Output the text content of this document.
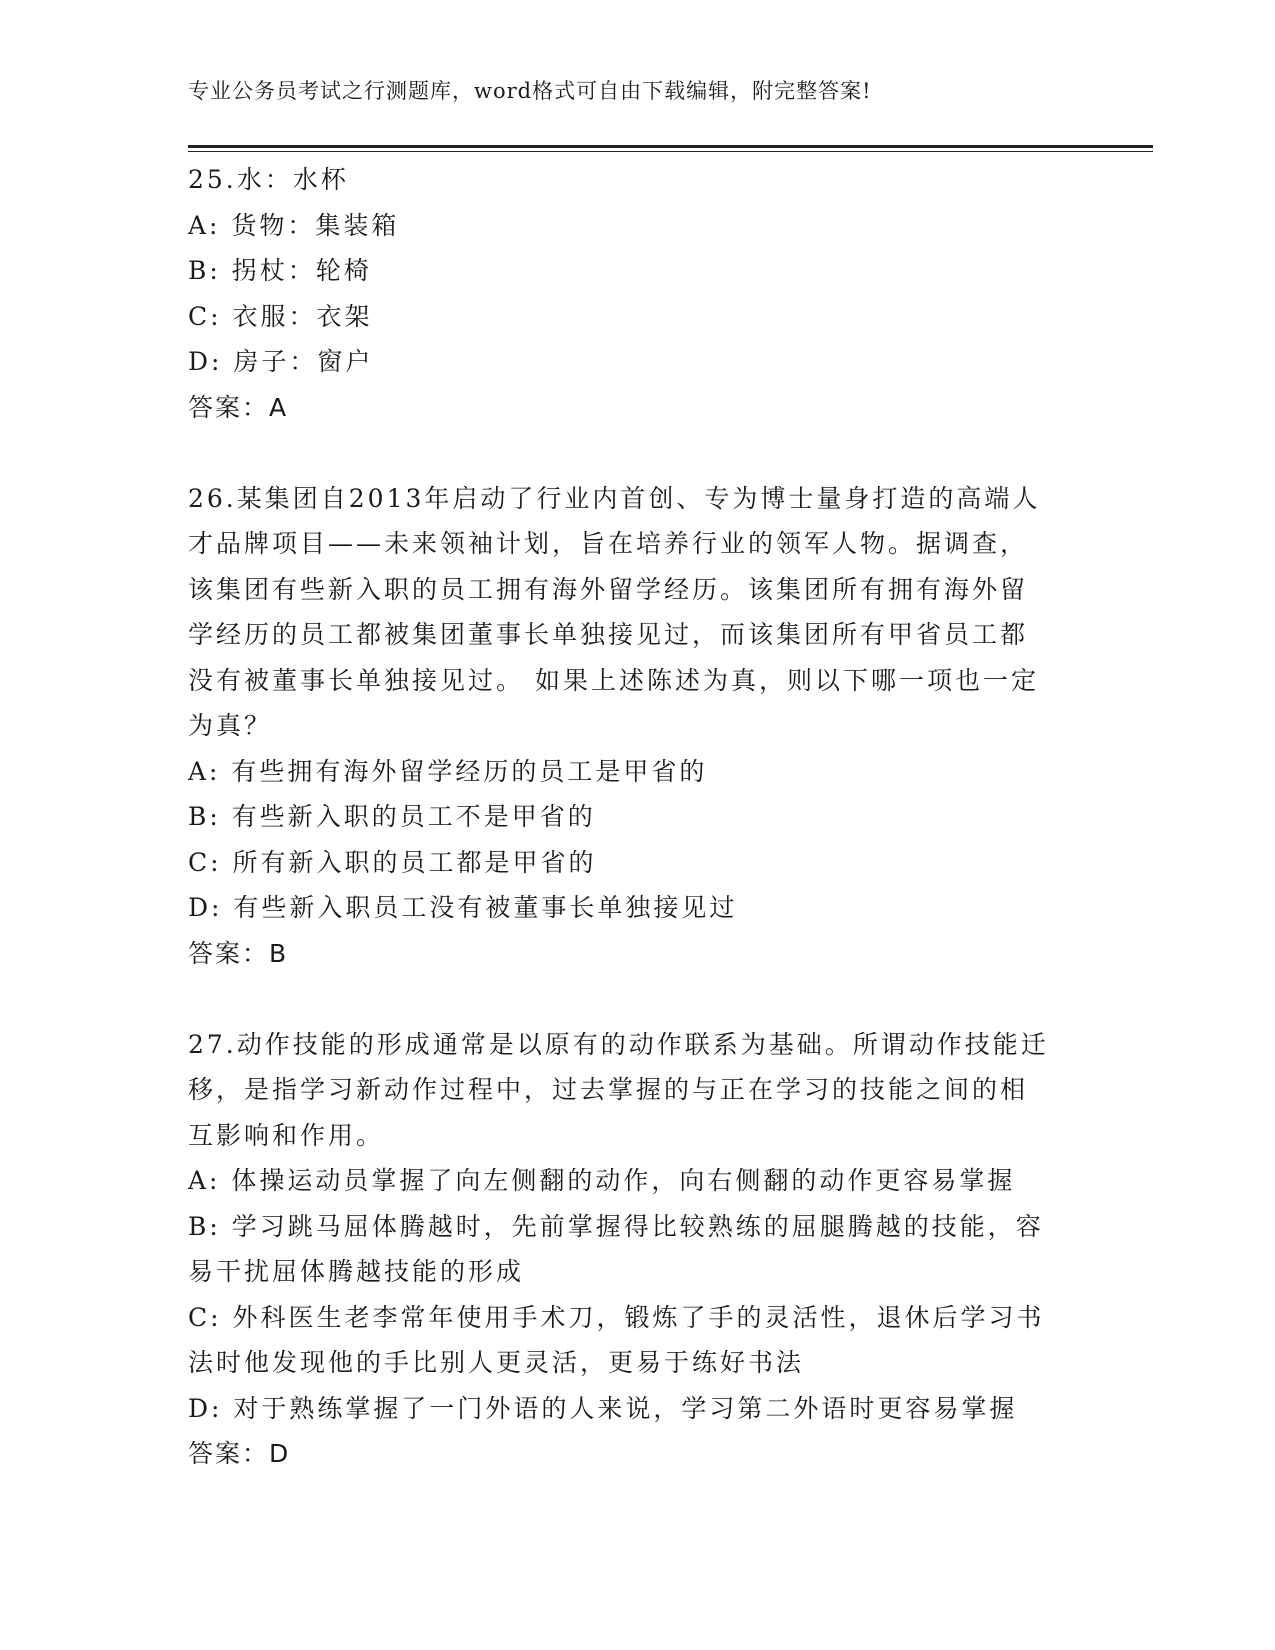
专业公务员考试之行测题库，word格式可自由下载编辑，附完整答案!
25.水：水杯
A: 货物：集装箱
B: 拐杖：轮椅
C: 衣服：衣架
D: 房子：窗户
答案：A
26.某集团自2013年启动了行业内首创、专为博士量身打造的高端人
才品牌项目——未来领袖计划，旨在培养行业的领军人物。据调查，
该集团有些新入职的员工拥有海外留学经历。该集团所有拥有海外留
学经历的员工都被集团董事长单独接见过，而该集团所有甲省员工都
没有被董事长单独接见过。 如果上述陈述为真，则以下哪一项也一定
为真？
A: 有些拥有海外留学经历的员工是甲省的
B: 有些新入职的员工不是甲省的
C: 所有新入职的员工都是甲省的
D: 有些新入职员工没有被董事长单独接见过
答案：B
27.动作技能的形成通常是以原有的动作联系为基础。所谓动作技能迁
移，是指学习新动作过程中，过去掌握的与正在学习的技能之间的相
互影响和作用。
A: 体操运动员掌握了向左侧翻的动作，向右侧翻的动作更容易掌握
B: 学习跳马屈体腾越时，先前掌握得比较熟练的屈腿腾越的技能，容
易干扰屈体腾越技能的形成
C: 外科医生老李常年使用手术刀，锻炼了手的灵活性，退休后学习书
法时他发现他的手比别人更灵活，更易于练好书法
D: 对于熟练掌握了一门外语的人来说，学习第二外语时更容易掌握
答案：D
